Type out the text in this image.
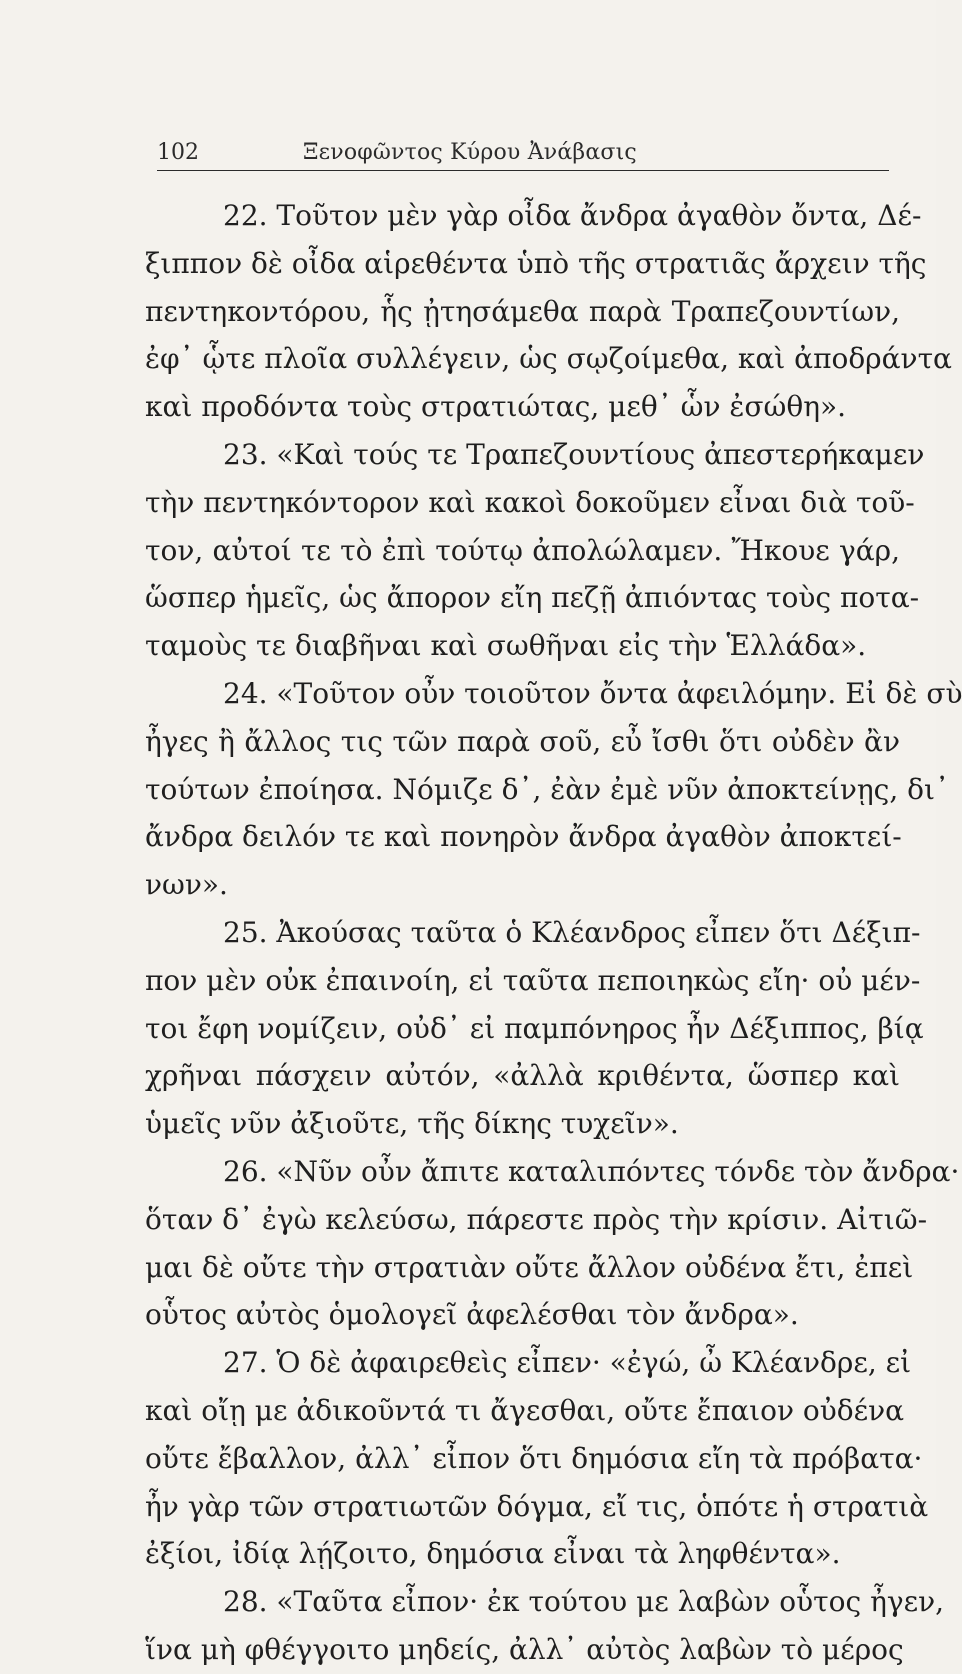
102	Ξενοφῶντος Κύρου Ἀνάβασις
22. Τοῦτον μὲν γὰρ οἶδα ἄνδρα ἀγαθὸν ὄντα, Δέ-
ξιππον δὲ οἶδα αἱρεθέντα ὑπὸ τῆς στρατιᾶς ἄρχειν τῆς
πεντηκοντόρου, ἧς ᾐτησάμεθα παρὰ Τραπεζουντίων,
ἐφ᾿ ᾧτε πλοῖα συλλέγειν, ὡς σῳζοίμεθα, καὶ ἀποδράντα
καὶ προδόντα τοὺς στρατιώτας, μεθ᾿ ὧν ἐσώθη».
23. «Καὶ τούς τε Τραπεζουντίους ἀπεστερήκαμεν
τὴν πεντηκόντορον καὶ κακοὶ δοκοῦμεν εἶναι διὰ τοῦ-
τον, αὐτοί τε τὸ ἐπὶ τούτῳ ἀπολώλαμεν. Ἤκουε γάρ,
ὥσπερ ἡμεῖς, ὡς ἄπορον εἴη πεζῇ ἀπιόντας τοὺς ποτα-
ταμοὺς τε διαβῆναι καὶ σωθῆναι εἰς τὴν Ἑλλάδα».
24. «Τοῦτον οὖν τοιοῦτον ὄντα ἀφειλόμην. Εἰ δὲ σὺ
ἦγες ἢ ἄλλος τις τῶν παρὰ σοῦ, εὖ ἴσθι ὅτι οὐδὲν ἂν
τούτων ἐποίησα. Νόμιζε δ᾿, ἐὰν ἐμὲ νῦν ἀποκτείνῃς, δι᾿
ἄνδρα δειλόν τε καὶ πονηρὸν ἄνδρα ἀγαθὸν ἀποκτεί-
νων».
25. Ἀκούσας ταῦτα ὁ Κλέανδρος εἶπεν ὅτι Δέξιπ-
πον μὲν οὐκ ἐπαινοίη, εἰ ταῦτα πεποιηκὼς εἴη· οὐ μέν-
τοι ἔφη νομίζειν, οὐδ᾿ εἰ παμπόνηρος ἦν Δέξιππος, βίᾳ
χρῆναι πάσχειν αὐτόν, «ἀλλὰ κριθέντα, ὥσπερ καὶ
ὑμεῖς νῦν ἀξιοῦτε, τῆς δίκης τυχεῖν».
26. «Νῦν οὖν ἄπιτε καταλιπόντες τόνδε τὸν ἄνδρα·
ὅταν δ᾿ ἐγὼ κελεύσω, πάρεστε πρὸς τὴν κρίσιν. Αἰτιῶ-
μαι δὲ οὔτε τὴν στρατιὰν οὔτε ἄλλον οὐδένα ἔτι, ἐπεὶ
οὗτος αὐτὸς ὁμολογεῖ ἀφελέσθαι τὸν ἄνδρα».
27. Ὁ δὲ ἀφαιρεθεὶς εἶπεν· «ἐγώ, ὦ Κλέανδρε, εἰ
καὶ οἴῃ με ἀδικοῦντά τι ἄγεσθαι, οὔτε ἔπαιον οὐδένα
οὔτε ἔβαλλον, ἀλλ᾿ εἶπον ὅτι δημόσια εἴη τὰ πρόβατα·
ἦν γὰρ τῶν στρατιωτῶν δόγμα, εἴ τις, ὁπότε ἡ στρατιὰ
ἐξίοι, ἰδίᾳ λῄζοιτο, δημόσια εἶναι τὰ ληφθέντα».
28. «Ταῦτα εἶπον· ἐκ τούτου με λαβὼν οὗτος ἦγεν,
ἵνα μὴ φθέγγοιτο μηδείς, ἀλλ᾿ αὐτὸς λαβὼν τὸ μέρος
